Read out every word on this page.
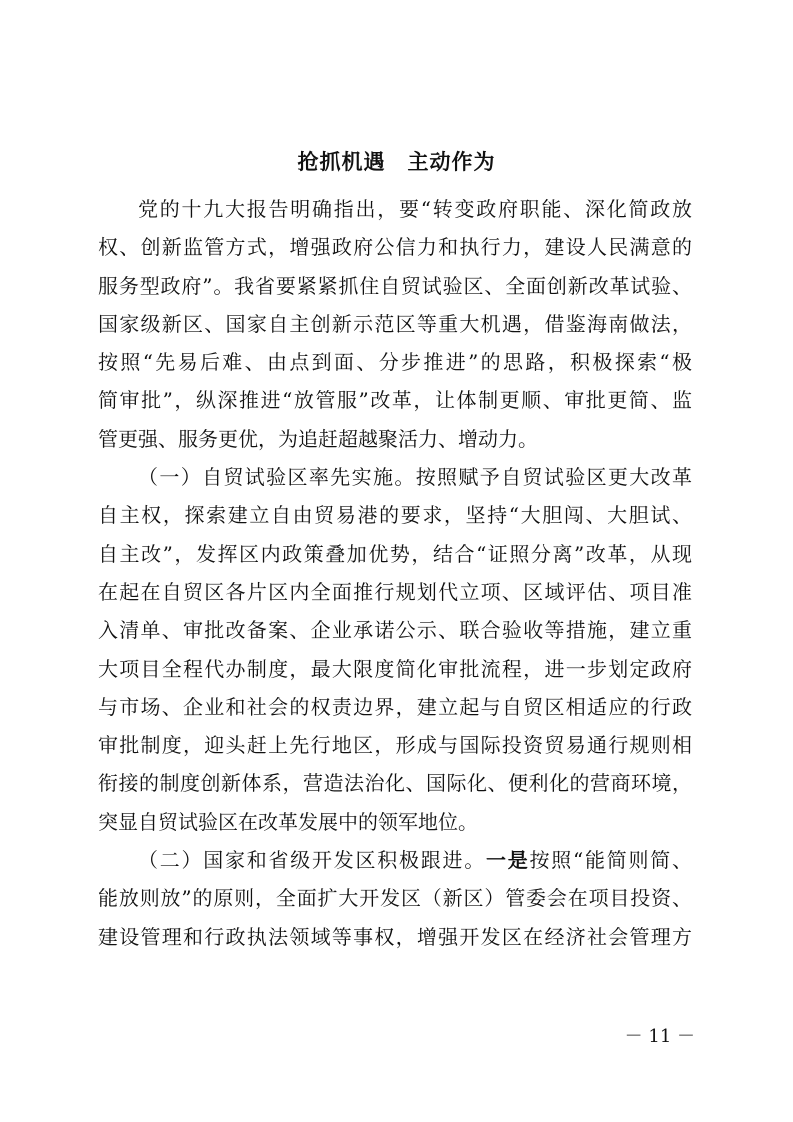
抢抓机遇　主动作为
党的十九大报告明确指出，要“转变政府职能、深化简政放
权、创新监管方式，增强政府公信力和执行力，建设人民满意的
服务型政府”。我省要紧紧抓住自贸试验区、全面创新改革试验、
国家级新区、国家自主创新示范区等重大机遇，借鉴海南做法，
按照“先易后难、由点到面、分步推进”的思路，积极探索“极
简审批”，纵深推进“放管服”改革，让体制更顺、审批更简、监
管更强、服务更优，为追赶超越聚活力、增动力。
（一）自贸试验区率先实施。按照赋予自贸试验区更大改革
自主权，探索建立自由贸易港的要求，坚持“大胆闯、大胆试、
自主改”，发挥区内政策叠加优势，结合“证照分离”改革，从现
在起在自贸区各片区内全面推行规划代立项、区域评估、项目准
入清单、审批改备案、企业承诺公示、联合验收等措施，建立重
大项目全程代办制度，最大限度简化审批流程，进一步划定政府
与市场、企业和社会的权责边界，建立起与自贸区相适应的行政
审批制度，迎头赶上先行地区，形成与国际投资贸易通行规则相
衔接的制度创新体系，营造法治化、国际化、便利化的营商环境，
突显自贸试验区在改革发展中的领军地位。
（二）国家和省级开发区积极跟进。一是按照“能简则简、
能放则放”的原则，全面扩大开发区（新区）管委会在项目投资、
建设管理和行政执法领域等事权，增强开发区在经济社会管理方
－ 11 －
